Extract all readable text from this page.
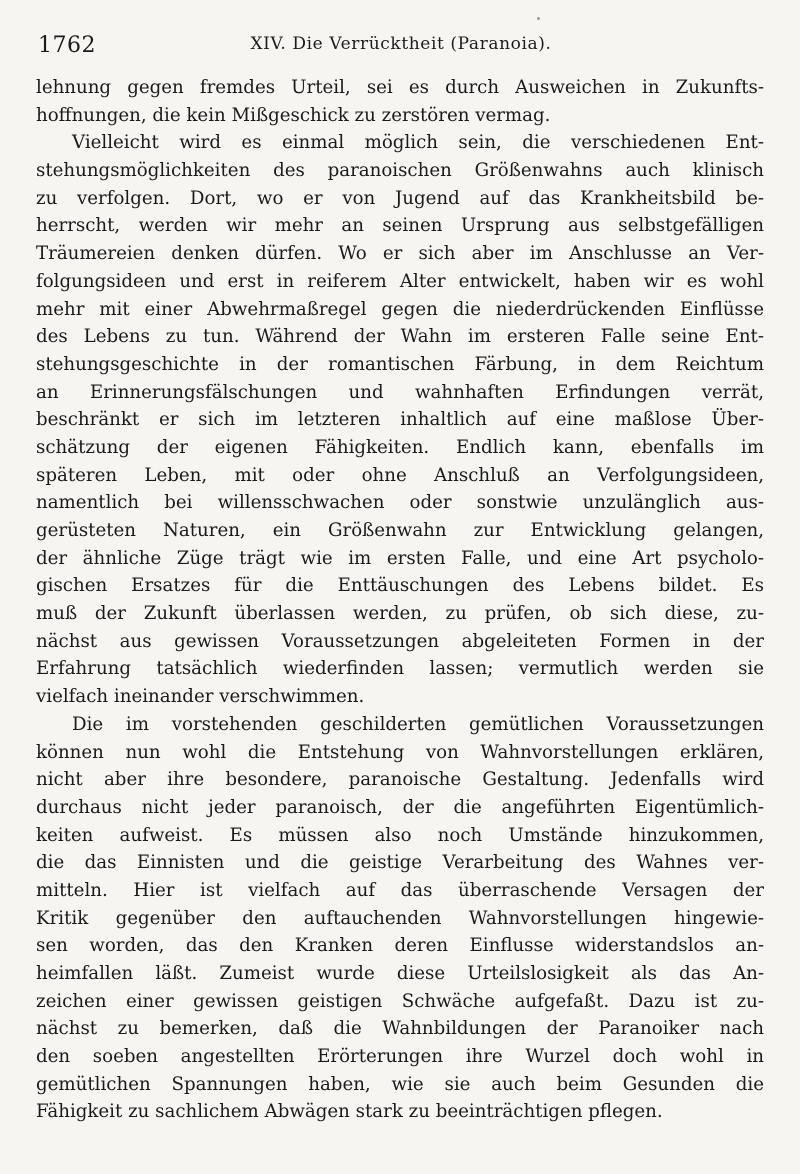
1762	XIV. Die Verrücktheit (Paranoia).
lehnung gegen fremdes Urteil, sei es durch Ausweichen in Zukunfts-
hoffnungen, die kein Mißgeschick zu zerstören vermag.
Vielleicht wird es einmal möglich sein, die verschiedenen Ent-
stehungsmöglichkeiten des paranoischen Größenwahns auch klinisch
zu verfolgen. Dort, wo er von Jugend auf das Krankheitsbild be-
herrscht, werden wir mehr an seinen Ursprung aus selbstgefälligen
Träumereien denken dürfen. Wo er sich aber im Anschlusse an Ver-
folgungsideen und erst in reiferem Alter entwickelt, haben wir es wohl
mehr mit einer Abwehrmaßregel gegen die niederdrückenden Einflüsse
des Lebens zu tun. Während der Wahn im ersteren Falle seine Ent-
stehungsgeschichte in der romantischen Färbung, in dem Reichtum
an Erinnerungsfälschungen und wahnhaften Erfindungen verrät,
beschränkt er sich im letzteren inhaltlich auf eine maßlose Über-
schätzung der eigenen Fähigkeiten. Endlich kann, ebenfalls im
späteren Leben, mit oder ohne Anschluß an Verfolgungsideen,
namentlich bei willensschwachen oder sonstwie unzulänglich aus-
gerüsteten Naturen, ein Größenwahn zur Entwicklung gelangen,
der ähnliche Züge trägt wie im ersten Falle, und eine Art psycholo-
gischen Ersatzes für die Enttäuschungen des Lebens bildet. Es
muß der Zukunft überlassen werden, zu prüfen, ob sich diese, zu-
nächst aus gewissen Voraussetzungen abgeleiteten Formen in der
Erfahrung tatsächlich wiederfinden lassen; vermutlich werden sie
vielfach ineinander verschwimmen.
Die im vorstehenden geschilderten gemütlichen Voraussetzungen
können nun wohl die Entstehung von Wahnvorstellungen erklären,
nicht aber ihre besondere, paranoische Gestaltung. Jedenfalls wird
durchaus nicht jeder paranoisch, der die angeführten Eigentümlich-
keiten aufweist. Es müssen also noch Umstände hinzukommen,
die das Einnisten und die geistige Verarbeitung des Wahnes ver-
mitteln. Hier ist vielfach auf das überraschende Versagen der
Kritik gegenüber den auftauchenden Wahnvorstellungen hingewie-
sen worden, das den Kranken deren Einflusse widerstandslos an-
heimfallen läßt. Zumeist wurde diese Urteilslosigkeit als das An-
zeichen einer gewissen geistigen Schwäche aufgefaßt. Dazu ist zu-
nächst zu bemerken, daß die Wahnbildungen der Paranoiker nach
den soeben angestellten Erörterungen ihre Wurzel doch wohl in
gemütlichen Spannungen haben, wie sie auch beim Gesunden die
Fähigkeit zu sachlichem Abwägen stark zu beeinträchtigen pflegen.
